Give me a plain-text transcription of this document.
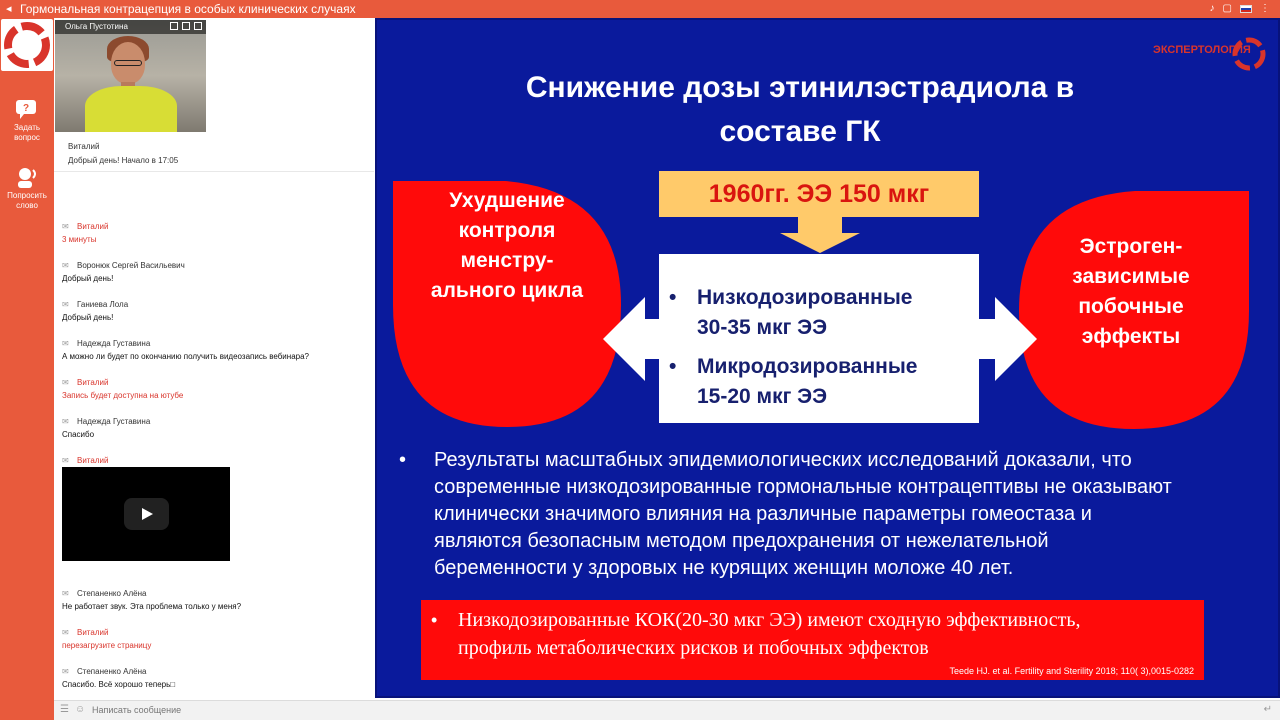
◂ Гормональная контрацепция в особых клинических случаях	♪ ▢	⋮
?
Задать вопрос
Попросить слово
Ольга Пустотина
Виталий
Добрый день! Начало в 17:05
✉ Виталий
3 минуты
✉ Воронюк Сергей Васильевич
Добрый день!
✉ Ганиева Лола
Добрый день!
✉ Надежда Густавина
А можно ли будет по окончанию получить видеозапись вебинара?
✉ Виталий
Запись будет доступна на ютубе
✉ Надежда Густавина
Спасибо
✉ Виталий
✉ Степаненко Алёна
Не работает звук. Эта проблема только у меня?
✉ Виталий
перезагрузите страницу
✉ Степаненко Алёна
Спасибо. Всё хорошо теперь□
☰ ☺ Написать сообщение	↵
ЭКСПЕРТОЛОГИЯ
Снижение дозы этинилэстрадиола в
составе ГК
Ухудшение
контроля
менстру-
ального цикла
Эстроген-
зависимые
побочные
эффекты
1960гг. ЭЭ 150 мкг
• Низкодозированные
30-35 мкг ЭЭ
• Микродозированные
15-20 мкг ЭЭ
•	Результаты масштабных эпидемиологических исследований доказали, что
современные низкодозированные гормональные контрацептивы не оказывают
клинически значимого влияния на различные параметры гомеостаза и
являются безопасным методом предохранения от нежелательной
беременности у здоровых не курящих женщин моложе 40 лет.
• Низкодозированные КОК(20-30 мкг ЭЭ) имеют сходную эффективность,
профиль метаболических рисков и побочных эффектов
Teede HJ. et al. Fertility and Sterility 2018; 110( 3),0015-0282
